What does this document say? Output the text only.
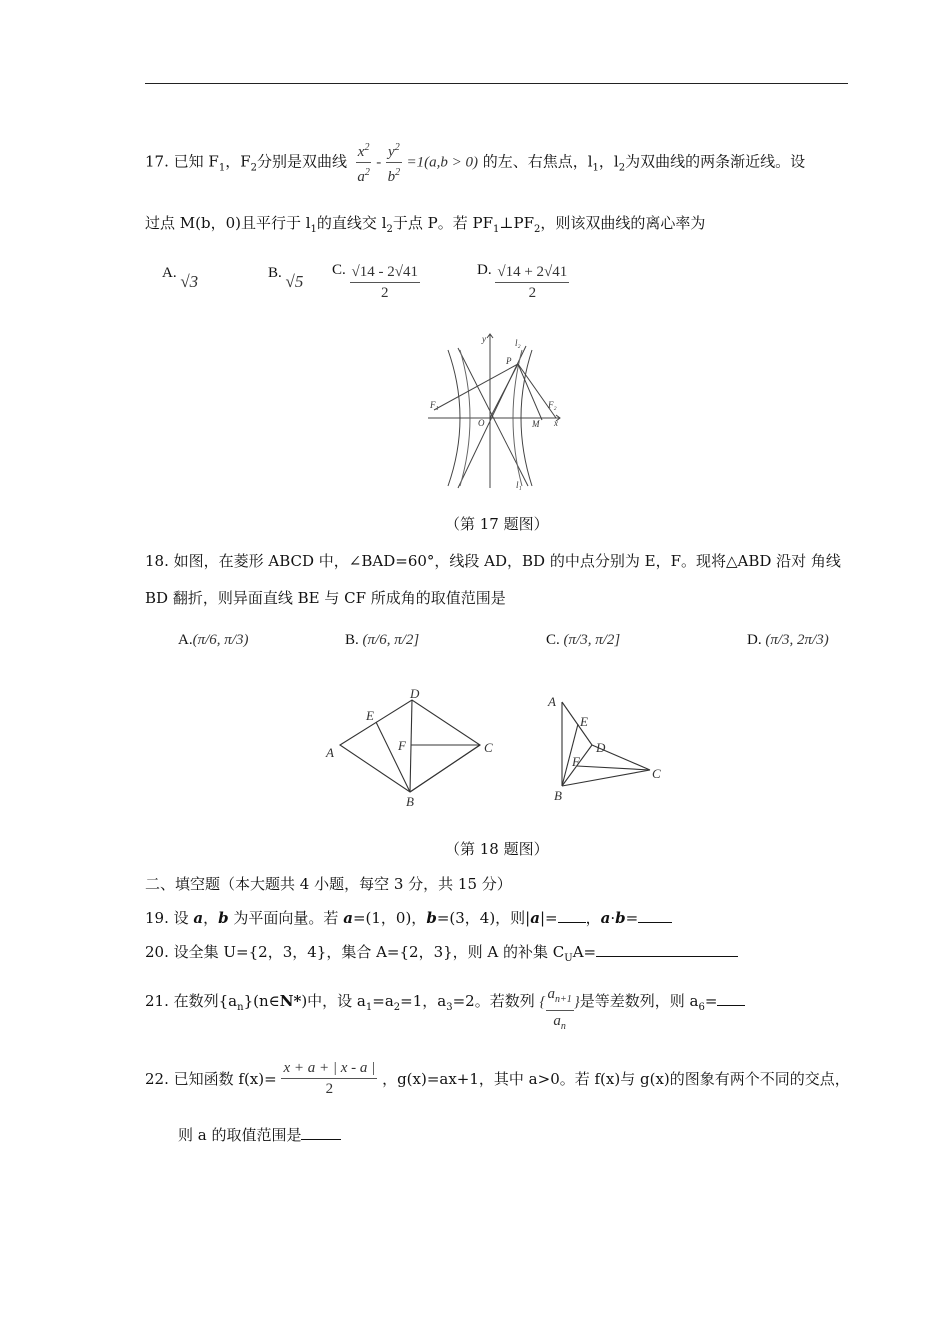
17. 已知 $F_1$，$F_2$分别是双曲线 $\frac{x^2}{a^2} - \frac{y^2}{b^2} =1(a,b > 0)$ 的左、右焦点，$l_1$，$l_2$为双曲线的两条渐近线。设
过点 M(b，0)且平行于 $l_1$的直线交 $l_2$于点 P。若 $PF_1\perp PF_2$，则该双曲线的离心率为
A. √3	B. √5
C. $\frac{√14 - 2√41}{2}$	D. $\frac{√14 + 2√41}{2}$
y
x
O
P
M
F₁	F₂
l₁
l₂
（第 17 题图）
18. 如图，在菱形 ABCD 中，∠BAD=60°，线段 AD，BD 的中点分别为 E，F。现将△ABD 沿对 角线
BD 翻折，则异面直线 BE 与 CF 所成角的取值范围是
A.(π/6, π/3)	B. (π/6, π/2]	C. (π/3, π/2]	D. (π/3, 2π/3)
A
D
C
B
E
F
A
E
D
F
C
B
（第 18 题图）
二、填空题（本大题共 4 小题，每空 3 分，共 15 分）
19. 设 a，b 为平面向量。若 a=(1，0)，b=(3，4)，则|a|= ，a·b=
20. 设全集 U={2，3，4}，集合 A={2，3}，则 A 的补集 $C_UA=$
21. 在数列$\{a_n\}(n\in N*)$中，设 $a_1=a_2=1$，$a_3=2$。若数列 { $\frac{a_{n+1}}{a_n}$ }是等差数列，则 $a_6=$
22. 已知函数 $f(x)= \frac{x + a + | x - a |}{2}$ ，g(x)=ax+1，其中 a>0。若 f(x)与 g(x)的图象有两个不同的交点，
则 a 的取值范围是
